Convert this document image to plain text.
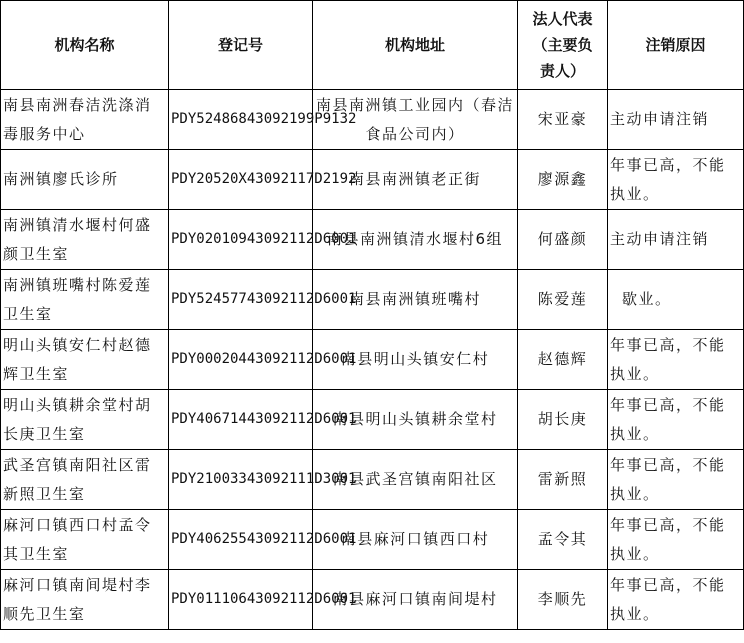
机构名称	登记号	机构地址	法人代表（主要负责人）	注销原因
南县南洲春洁洗涤消毒服务中心	PDY52486843092199P9132	南县南洲镇工业园内（春洁食品公司内）	宋亚豪	主动申请注销
南洲镇廖氏诊所	PDY20520X43092117D2192	南县南洲镇老正街	廖源鑫	年事已高，不能执业。
南洲镇清水堰村何盛颜卫生室	PDY02010943092112D6001	南县南洲镇清水堰村6组	何盛颜	主动申请注销
南洲镇班嘴村陈爱莲卫生室	PDY52457743092112D6001	南县南洲镇班嘴村	陈爱莲	歇业。
明山头镇安仁村赵德辉卫生室	PDY00020443092112D6001	南县明山头镇安仁村	赵德辉	年事已高，不能执业。
明山头镇耕余堂村胡长庚卫生室	PDY40671443092112D6001	南县明山头镇耕余堂村	胡长庚	年事已高，不能执业。
武圣宫镇南阳社区雷新照卫生室	PDY21003343092111D3001	南县武圣宫镇南阳社区	雷新照	年事已高，不能执业。
麻河口镇西口村孟令其卫生室	PDY40625543092112D6001	南县麻河口镇西口村	孟令其	年事已高，不能执业。
麻河口镇南间堤村李顺先卫生室	PDY01110643092112D6001	南县麻河口镇南间堤村	李顺先	年事已高，不能执业。
